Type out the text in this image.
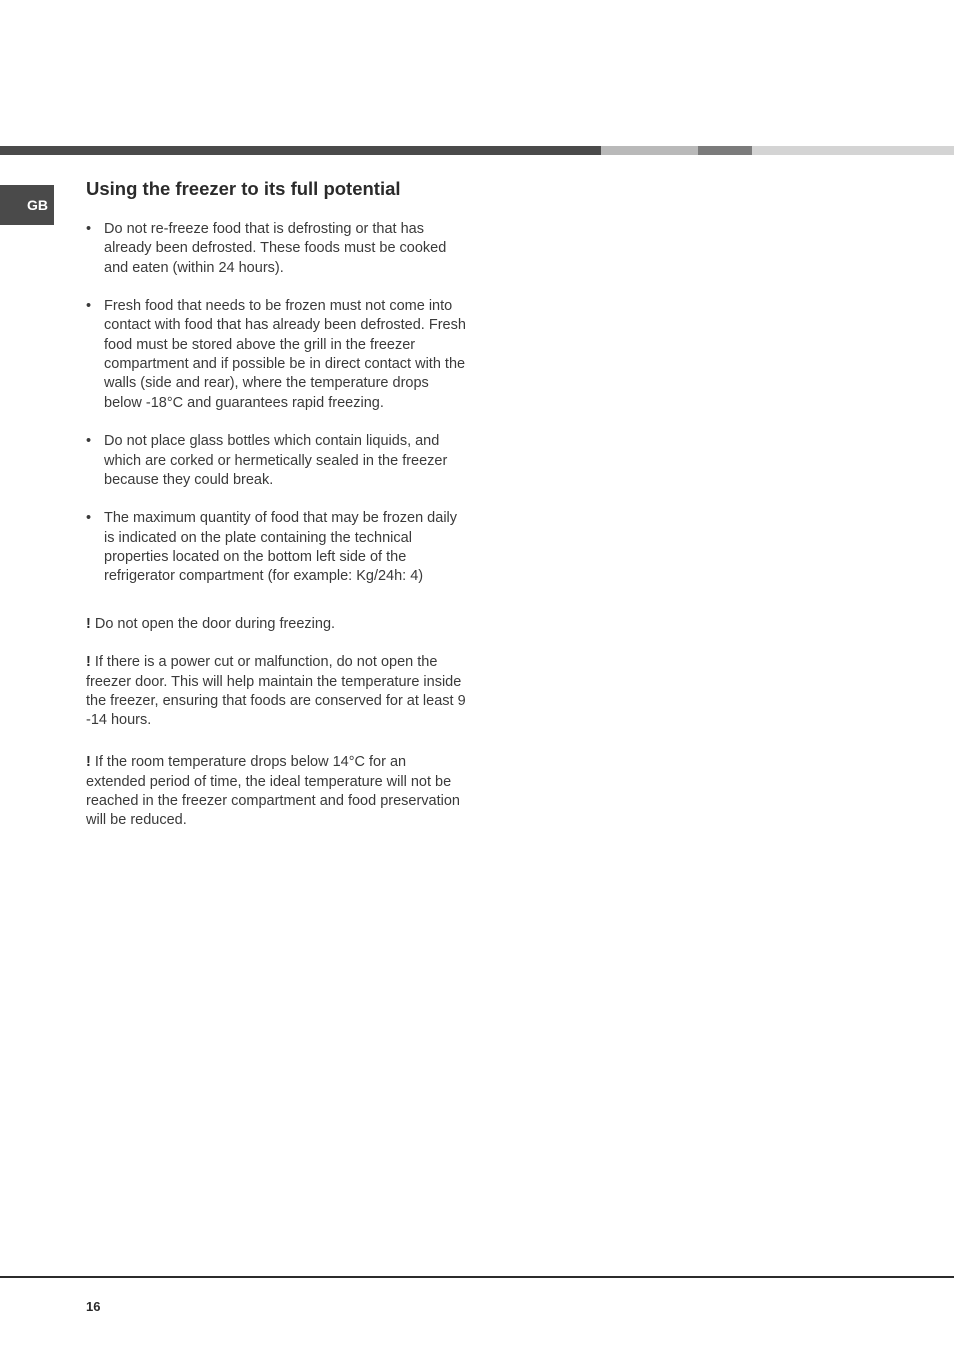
GB
Using the freezer to its full potential
• Do not re-freeze food that is defrosting or that has already been defrosted. These foods must be cooked and eaten (within 24 hours).
• Fresh food that needs to be frozen must not come into contact with food that has already been defrosted. Fresh food must be stored above the grill in the freezer compartment and if possible be in direct contact with the walls (side and rear), where the temperature drops below -18°C and guarantees rapid freezing.
• Do not place glass bottles which contain liquids, and which are corked or hermetically sealed in the freezer because they could break.
• The maximum quantity of food that may be frozen daily is indicated on the plate containing the technical properties located on the bottom left side of the refrigerator compartment (for example: Kg/24h: 4)

! Do not open the door during freezing.

! If there is a power cut or malfunction, do not open the freezer door. This will help maintain the temperature inside the freezer, ensuring that foods are conserved for at least 9 -14 hours.

! If the room temperature drops below 14°C for an extended period of time, the ideal temperature will not be reached in the freezer compartment and food preservation will be reduced.

16
